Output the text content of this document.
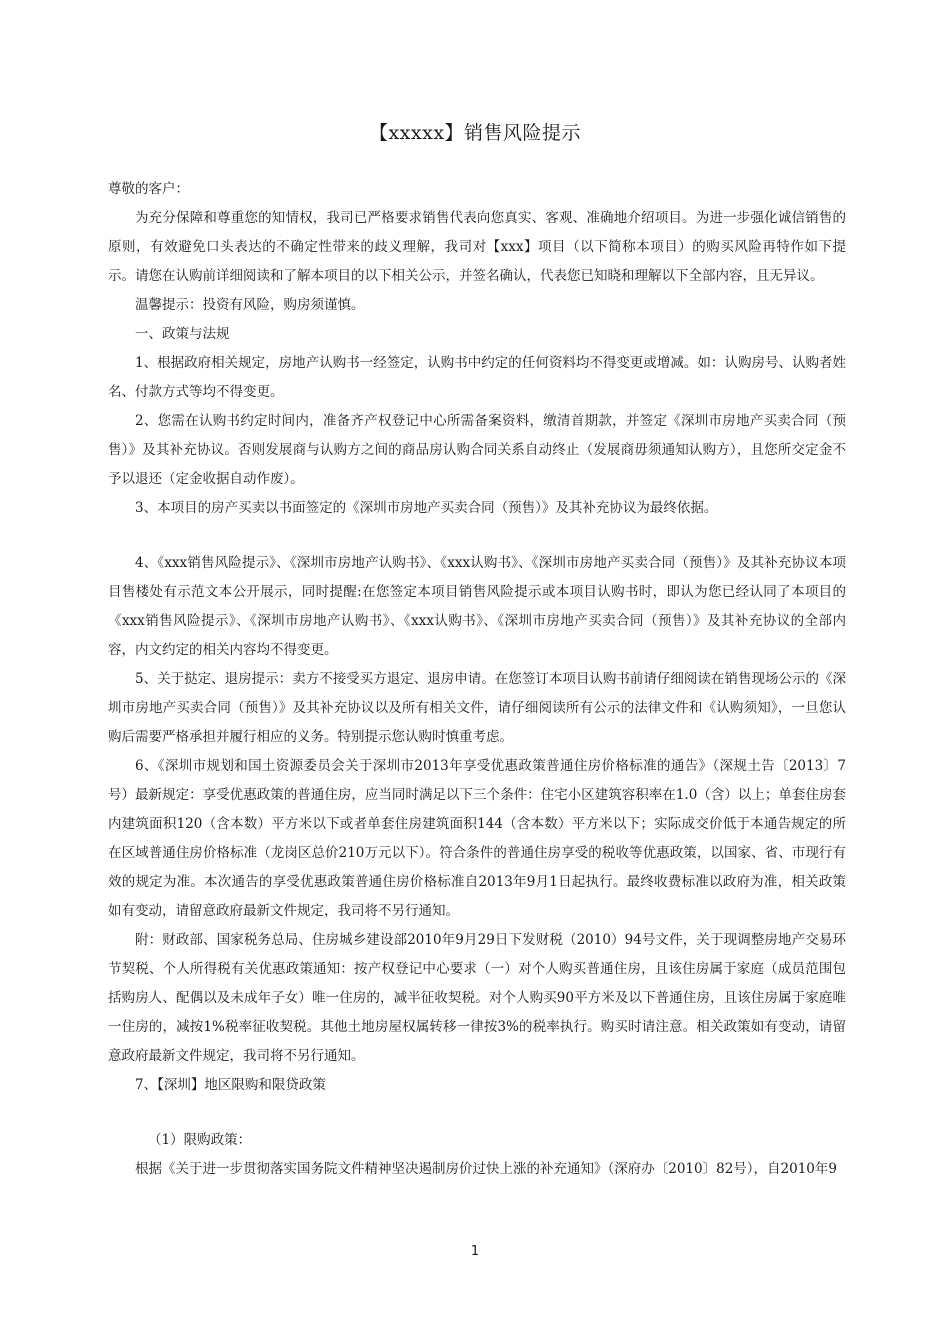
【xxxxx】销售风险提示

尊敬的客户：

为充分保障和尊重您的知情权，我司已严格要求销售代表向您真实、客观、准确地介绍项目。为进一步强化诚信销售的原则，有效避免口头表达的不确定性带来的歧义理解，我司对【xxx】项目（以下简称本项目）的购买风险再特作如下提示。请您在认购前详细阅读和了解本项目的以下相关公示，并签名确认，代表您已知晓和理解以下全部内容，且无异议。

温馨提示：投资有风险，购房须谨慎。

一、政策与法规

1、根据政府相关规定，房地产认购书一经签定，认购书中约定的任何资料均不得变更或增减。如：认购房号、认购者姓名、付款方式等均不得变更。

2、您需在认购书约定时间内，准备齐产权登记中心所需备案资料，缴清首期款，并签定《深圳市房地产买卖合同（预售）》及其补充协议。否则发展商与认购方之间的商品房认购合同关系自动终止（发展商毋须通知认购方），且您所交定金不予以退还（定金收据自动作废）。

3、本项目的房产买卖以书面签定的《深圳市房地产买卖合同（预售）》及其补充协议为最终依据。

4、《xxx销售风险提示》、《深圳市房地产认购书》、《xxx认购书》、《深圳市房地产买卖合同（预售）》及其补充协议本项目售楼处有示范文本公开展示，同时提醒:在您签定本项目销售风险提示或本项目认购书时，即认为您已经认同了本项目的《xxx销售风险提示》、《深圳市房地产认购书》、《xxx认购书》、《深圳市房地产买卖合同（预售）》及其补充协议的全部内容，内文约定的相关内容均不得变更。

5、关于挞定、退房提示：卖方不接受买方退定、退房申请。在您签订本项目认购书前请仔细阅读在销售现场公示的《深圳市房地产买卖合同（预售）》及其补充协议以及所有相关文件，请仔细阅读所有公示的法律文件和《认购须知》，一旦您认购后需要严格承担并履行相应的义务。特别提示您认购时慎重考虑。

6、《深圳市规划和国土资源委员会关于深圳市2013年享受优惠政策普通住房价格标准的通告》（深规土告〔2013〕7号）最新规定：享受优惠政策的普通住房，应当同时满足以下三个条件：住宅小区建筑容积率在1.0（含）以上；单套住房套内建筑面积120（含本数）平方米以下或者单套住房建筑面积144（含本数）平方米以下；实际成交价低于本通告规定的所在区域普通住房价格标准（龙岗区总价210万元以下）。符合条件的普通住房享受的税收等优惠政策，以国家、省、市现行有效的规定为准。本次通告的享受优惠政策普通住房价格标准自2013年9月1日起执行。最终收费标准以政府为准，相关政策如有变动，请留意政府最新文件规定，我司将不另行通知。

附：财政部、国家税务总局、住房城乡建设部2010年9月29日下发财税（2010）94号文件，关于现调整房地产交易环节契税、个人所得税有关优惠政策通知：按产权登记中心要求（一）对个人购买普通住房，且该住房属于家庭（成员范围包括购房人、配偶以及未成年子女）唯一住房的，减半征收契税。对个人购买90平方米及以下普通住房，且该住房属于家庭唯一住房的，减按1%税率征收契税。其他土地房屋权属转移一律按3%的税率执行。购买时请注意。相关政策如有变动，请留意政府最新文件规定，我司将不另行通知。

7、【深圳】地区限购和限贷政策

（1）限购政策：

根据《关于进一步贯彻落实国务院文件精神坚决遏制房价过快上涨的补充通知》（深府办〔2010〕82号），自2010年9

1
